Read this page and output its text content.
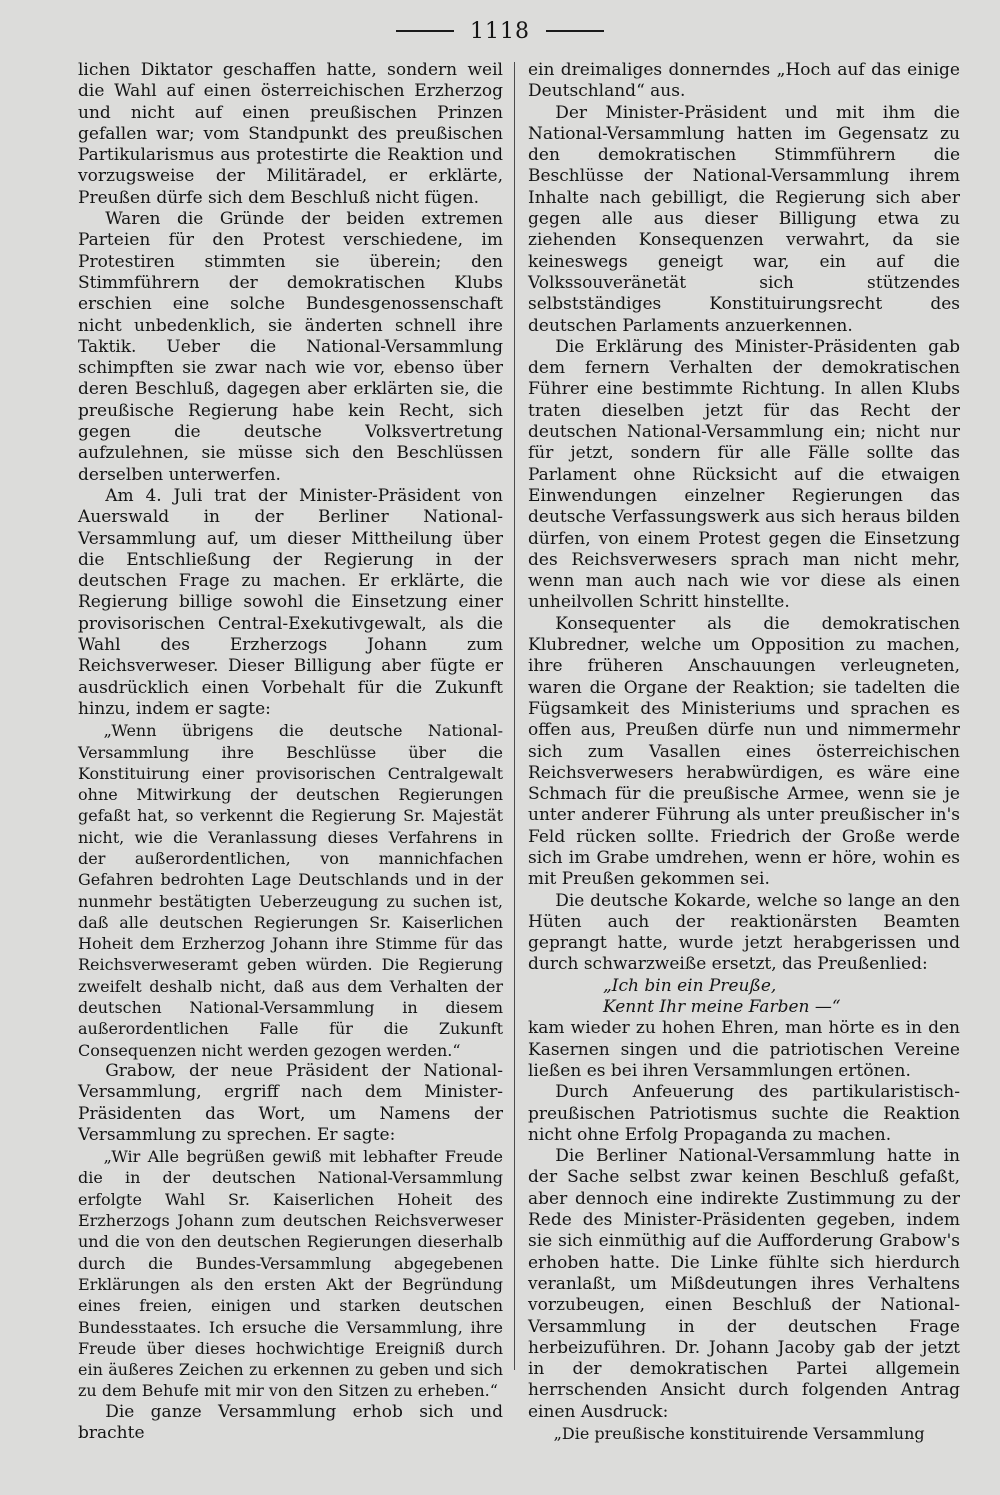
1118

lichen Diktator geschaffen hatte, sondern weil die Wahl auf einen österreichischen Erzherzog und nicht auf einen preußischen Prinzen gefallen war; vom Standpunkt des preußischen Partikularismus aus protestirte die Reaktion und vorzugsweise der Militäradel, er erklärte, Preußen dürfe sich dem Beschluß nicht fügen.

Waren die Gründe der beiden extremen Parteien für den Protest verschiedene, im Protestiren stimmten sie überein; den Stimmführern der demokratischen Klubs erschien eine solche Bundesgenossenschaft nicht unbedenklich, sie änderten schnell ihre Taktik. Ueber die National-Versammlung schimpften sie zwar nach wie vor, ebenso über deren Beschluß, dagegen aber erklärten sie, die preußische Regierung habe kein Recht, sich gegen die deutsche Volksvertretung aufzulehnen, sie müsse sich den Beschlüssen derselben unterwerfen.

Am 4. Juli trat der Minister-Präsident von Auerswald in der Berliner National-Versammlung auf, um dieser Mittheilung über die Entschließung der Regierung in der deutschen Frage zu machen. Er erklärte, die Regierung billige sowohl die Einsetzung einer provisorischen Central-Exekutivgewalt, als die Wahl des Erzherzogs Johann zum Reichsverweser. Dieser Billigung aber fügte er ausdrücklich einen Vorbehalt für die Zukunft hinzu, indem er sagte:

„Wenn übrigens die deutsche National-Versammlung ihre Beschlüsse über die Konstituirung einer provisorischen Centralgewalt ohne Mitwirkung der deutschen Regierungen gefaßt hat, so verkennt die Regierung Sr. Majestät nicht, wie die Veranlassung dieses Verfahrens in der außerordentlichen, von mannichfachen Gefahren bedrohten Lage Deutschlands und in der nunmehr bestätigten Ueberzeugung zu suchen ist, daß alle deutschen Regierungen Sr. Kaiserlichen Hoheit dem Erzherzog Johann ihre Stimme für das Reichsverweseramt geben würden. Die Regierung zweifelt deshalb nicht, daß aus dem Verhalten der deutschen National-Versammlung in diesem außerordentlichen Falle für die Zukunft Consequenzen nicht werden gezogen werden.“

Grabow, der neue Präsident der National-Versammlung, ergriff nach dem Minister-Präsidenten das Wort, um Namens der Versammlung zu sprechen. Er sagte:

„Wir Alle begrüßen gewiß mit lebhafter Freude die in der deutschen National-Versammlung erfolgte Wahl Sr. Kaiserlichen Hoheit des Erzherzogs Johann zum deutschen Reichsverweser und die von den deutschen Regierungen dieserhalb durch die Bundes-Versammlung abgegebenen Erklärungen als den ersten Akt der Begründung eines freien, einigen und starken deutschen Bundesstaates. Ich ersuche die Versammlung, ihre Freude über dieses hochwichtige Ereigniß durch ein äußeres Zeichen zu erkennen zu geben und sich zu dem Behufe mit mir von den Sitzen zu erheben.“

Die ganze Versammlung erhob sich und brachte

ein dreimaliges donnerndes „Hoch auf das einige Deutschland“ aus.

Der Minister-Präsident und mit ihm die National-Versammlung hatten im Gegensatz zu den demokratischen Stimmführern die Beschlüsse der National-Versammlung ihrem Inhalte nach gebilligt, die Regierung sich aber gegen alle aus dieser Billigung etwa zu ziehenden Konsequenzen verwahrt, da sie keineswegs geneigt war, ein auf die Volkssouveränetät sich stützendes selbstständiges Konstituirungsrecht des deutschen Parlaments anzuerkennen.

Die Erklärung des Minister-Präsidenten gab dem fernern Verhalten der demokratischen Führer eine bestimmte Richtung. In allen Klubs traten dieselben jetzt für das Recht der deutschen National-Versammlung ein; nicht nur für jetzt, sondern für alle Fälle sollte das Parlament ohne Rücksicht auf die etwaigen Einwendungen einzelner Regierungen das deutsche Verfassungswerk aus sich heraus bilden dürfen, von einem Protest gegen die Einsetzung des Reichsverwesers sprach man nicht mehr, wenn man auch nach wie vor diese als einen unheilvollen Schritt hinstellte.

Konsequenter als die demokratischen Klubredner, welche um Opposition zu machen, ihre früheren Anschauungen verleugneten, waren die Organe der Reaktion; sie tadelten die Fügsamkeit des Ministeriums und sprachen es offen aus, Preußen dürfe nun und nimmermehr sich zum Vasallen eines österreichischen Reichsverwesers herabwürdigen, es wäre eine Schmach für die preußische Armee, wenn sie je unter anderer Führung als unter preußischer in's Feld rücken sollte. Friedrich der Große werde sich im Grabe umdrehen, wenn er höre, wohin es mit Preußen gekommen sei.

Die deutsche Kokarde, welche so lange an den Hüten auch der reaktionärsten Beamten geprangt hatte, wurde jetzt herabgerissen und durch schwarzweiße ersetzt, das Preußenlied:

„Ich bin ein Preuße,

Kennt Ihr meine Farben —“

kam wieder zu hohen Ehren, man hörte es in den Kasernen singen und die patriotischen Vereine ließen es bei ihren Versammlungen ertönen.

Durch Anfeuerung des partikularistisch-preußischen Patriotismus suchte die Reaktion nicht ohne Erfolg Propaganda zu machen.

Die Berliner National-Versammlung hatte in der Sache selbst zwar keinen Beschluß gefaßt, aber dennoch eine indirekte Zustimmung zu der Rede des Minister-Präsidenten gegeben, indem sie sich einmüthig auf die Aufforderung Grabow's erhoben hatte. Die Linke fühlte sich hierdurch veranlaßt, um Mißdeutungen ihres Verhaltens vorzubeugen, einen Beschluß der National-Versammlung in der deutschen Frage herbeizuführen. Dr. Johann Jacoby gab der jetzt in der demokratischen Partei allgemein herrschenden Ansicht durch folgenden Antrag einen Ausdruck:

„Die preußische konstituirende Versammlung
